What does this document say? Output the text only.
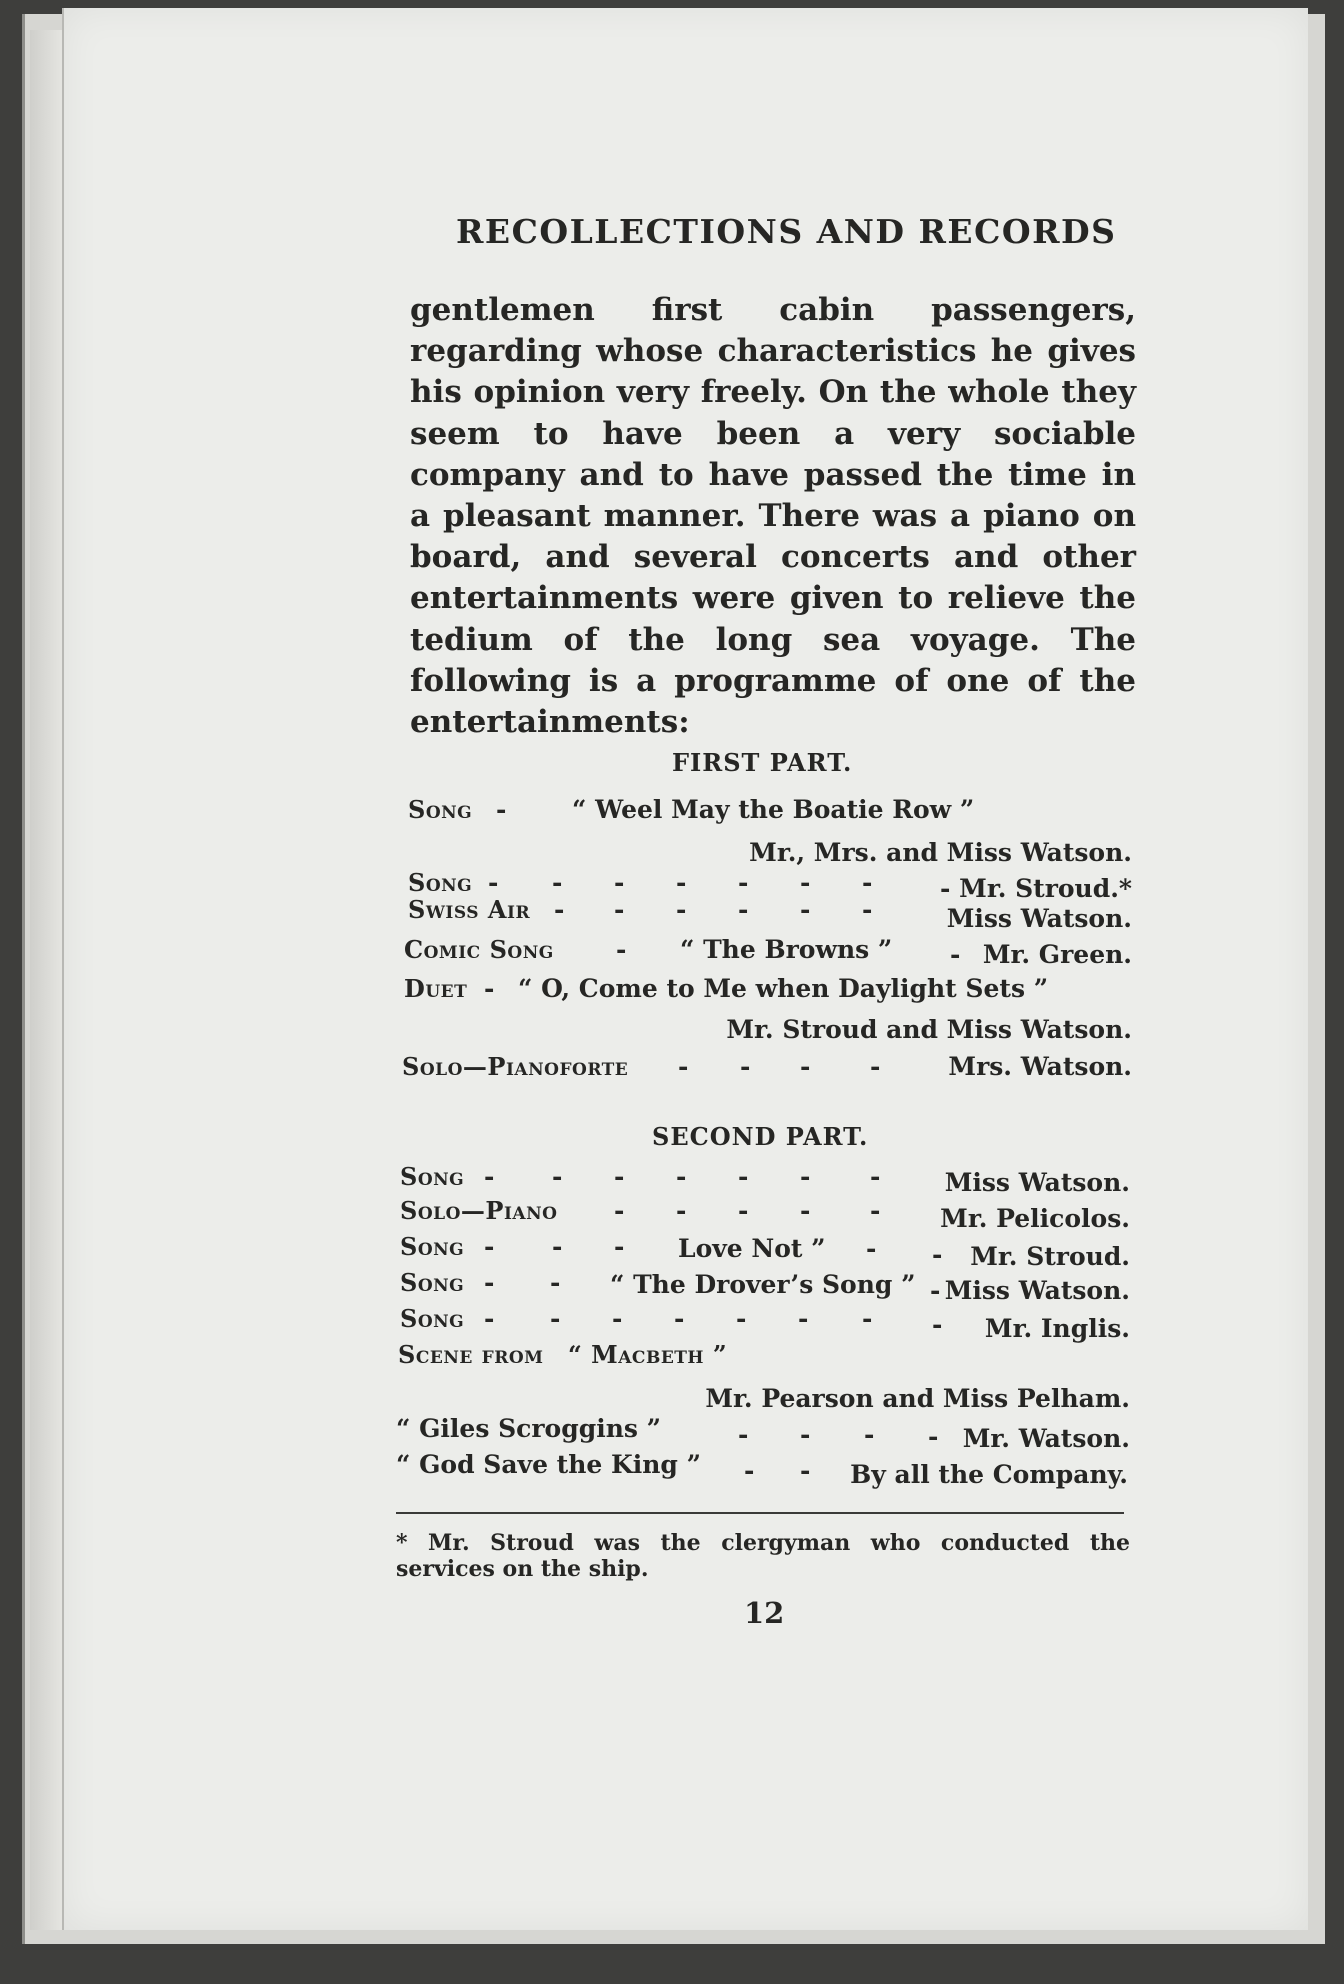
RECOLLECTIONS AND RECORDS

gentlemen first cabin passengers, regarding whose characteristics he gives his opinion very freely. On the whole they seem to have been a very sociable company and to have passed the time in a pleasant manner. There was a piano on board, and several concerts and other entertainments were given to relieve the tedium of the long sea voyage. The following is a programme of one of the entertainments:

FIRST PART.
Song -	“ Weel May the Boatie Row ”
Mr., Mrs. and Miss Watson.
Song - - - - - - -	- Mr. Stroud.*
Swiss Air - - - - - -	Miss Watson.
Comic Song - “ The Browns ” - Mr. Green.
Duet - “ O, Come to Me when Daylight Sets ”
Mr. Stroud and Miss Watson.
Solo—Pianoforte - - - -	Mrs. Watson.
SECOND PART.
Song - - - - - - -	Miss Watson.
Solo—Piano - - - - - Mr. Pelicolos.
Song - - - Love Not ” - - Mr. Stroud.
Song - - “ The Drover’s Song ” - Miss Watson.
Song - - - - - - - - Mr. Inglis.
Scene from “ Macbeth ”
Mr. Pearson and Miss Pelham.
“ Giles Scroggins ”	- - - - Mr. Watson.
“ God Save the King ” - - By all the Company.

* Mr. Stroud was the clergyman who conducted the services on the ship.

12
